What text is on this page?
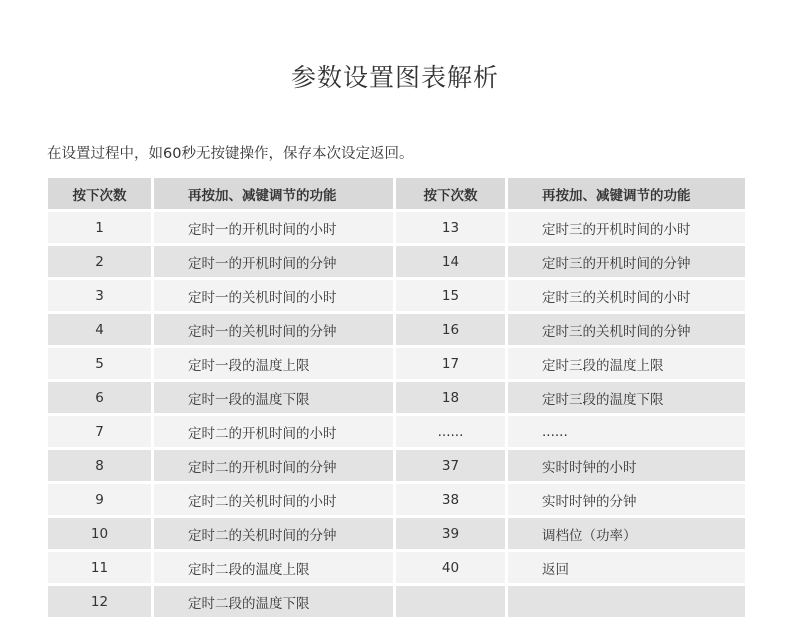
参数设置图表解析
在设置过程中，如60秒无按键操作，保存本次设定返回。
按下次数	再按加、减键调节的功能	按下次数	再按加、减键调节的功能
1	定时一的开机时间的小时	13	定时三的开机时间的小时
2	定时一的开机时间的分钟	14	定时三的开机时间的分钟
3	定时一的关机时间的小时	15	定时三的关机时间的小时
4	定时一的关机时间的分钟	16	定时三的关机时间的分钟
5	定时一段的温度上限	17	定时三段的温度上限
6	定时一段的温度下限	18	定时三段的温度下限
7	定时二的开机时间的小时	......	......
8	定时二的开机时间的分钟	37	实时时钟的小时
9	定时二的关机时间的小时	38	实时时钟的分钟
10	定时二的关机时间的分钟	39	调档位（功率）
11	定时二段的温度上限	40	返回
12	定时二段的温度下限		
